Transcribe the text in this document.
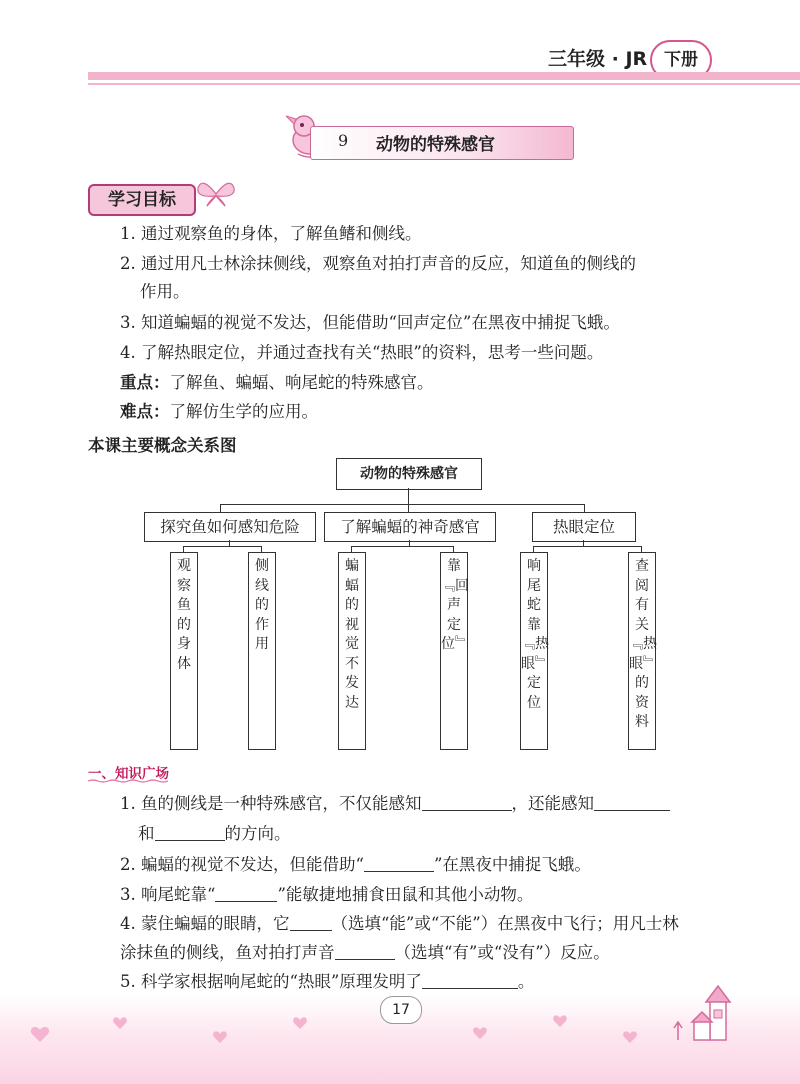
三年级 · JR 下册
9 动物的特殊感官
学习目标
1. 通过观察鱼的身体，了解鱼鳍和侧线。
2. 通过用凡士林涂抹侧线，观察鱼对拍打声音的反应，知道鱼的侧线的
作用。
3. 知道蝙蝠的视觉不发达，但能借助“回声定位”在黑夜中捕捉飞蛾。
4. 了解热眼定位，并通过查找有关“热眼”的资料，思考一些问题。
重点：了解鱼、蝙蝠、响尾蛇的特殊感官。
难点：了解仿生学的应用。
本课主要概念关系图
动物的特殊感官
探究鱼如何感知危险	了解蝙蝠的神奇感官	热眼定位
观察鱼的身体
侧线的作用
蝙蝠的视觉不发达
靠﹃回声定位﹄
响尾蛇靠﹃热眼﹄定位
查阅有关﹃热眼﹄的资料
一、知识广场
1. 鱼的侧线是一种特殊感官，不仅能感知	，还能感知
和	的方向。
2. 蝙蝠的视觉不发达，但能借助“	”在黑夜中捕捉飞蛾。
3. 响尾蛇靠“	”能敏捷地捕食田鼠和其他小动物。
4. 蒙住蝙蝠的眼睛，它	（选填“能”或“不能”）在黑夜中飞行；用凡士林
涂抹鱼的侧线，鱼对拍打声音	（选填“有”或“没有”）反应。
5. 科学家根据响尾蛇的“热眼”原理发明了	。
17
